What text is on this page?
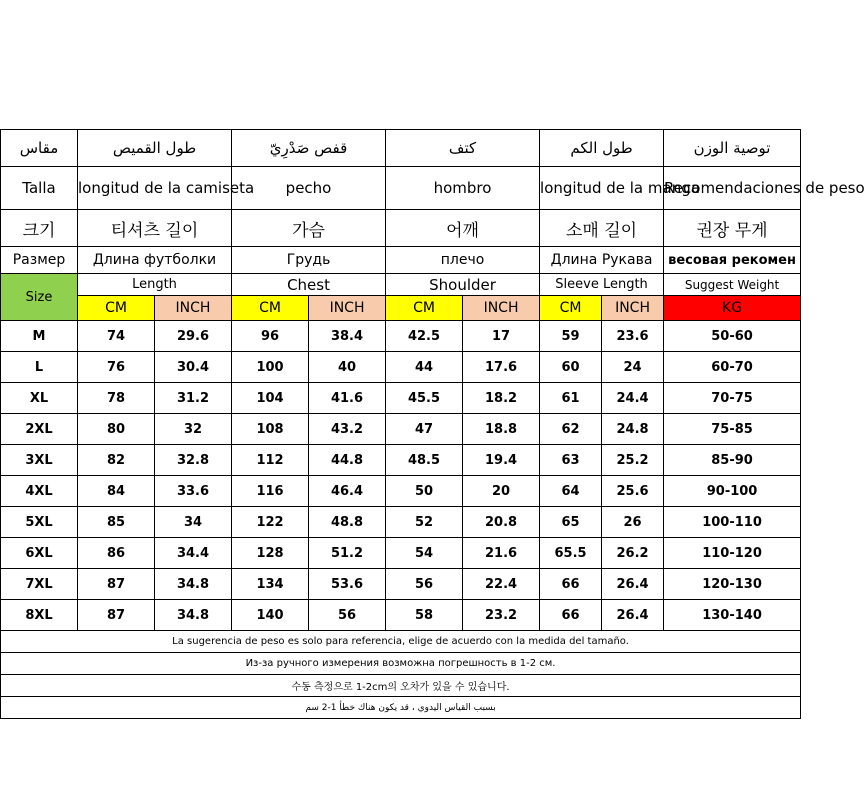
مقاس	طول القميص		قفص صَدْرِيّ		كتف		طول الكم		توصية الوزن
Talla	longitud de la camiseta		pecho		hombro		longitud de la manga		Recomendaciones de peso
크기	티셔츠 길이		가슴		어깨		소매 길이		권장 무게
Размер	Длина футболки		Грудь		плечо		Длина Рукава		весовая рекомен
Size	Length		Chest		Shoulder		Sleeve Length		Suggest Weight
	CM	INCH	CM	INCH	CM	INCH	CM	INCH	KG
M	74	29.6	96	38.4	42.5	17	59	23.6	50-60
L	76	30.4	100	40	44	17.6	60	24	60-70
XL	78	31.2	104	41.6	45.5	18.2	61	24.4	70-75
2XL	80	32	108	43.2	47	18.8	62	24.8	75-85
3XL	82	32.8	112	44.8	48.5	19.4	63	25.2	85-90
4XL	84	33.6	116	46.4	50	20	64	25.6	90-100
5XL	85	34	122	48.8	52	20.8	65	26	100-110
6XL	86	34.4	128	51.2	54	21.6	65.5	26.2	110-120
7XL	87	34.8	134	53.6	56	22.4	66	26.4	120-130
8XL	87	34.8	140	56	58	23.2	66	26.4	130-140
La sugerencia de peso es solo para referencia, elige de acuerdo con la medida del tamaño.									
Из-за ручного измерения возможна погрешность в 1-2 см.									
수동 측정으로 1-2cm의 오차가 있을 수 있습니다.									
بسبب القياس اليدوي ، قد يكون هناك خطأ 1-2 سم									
